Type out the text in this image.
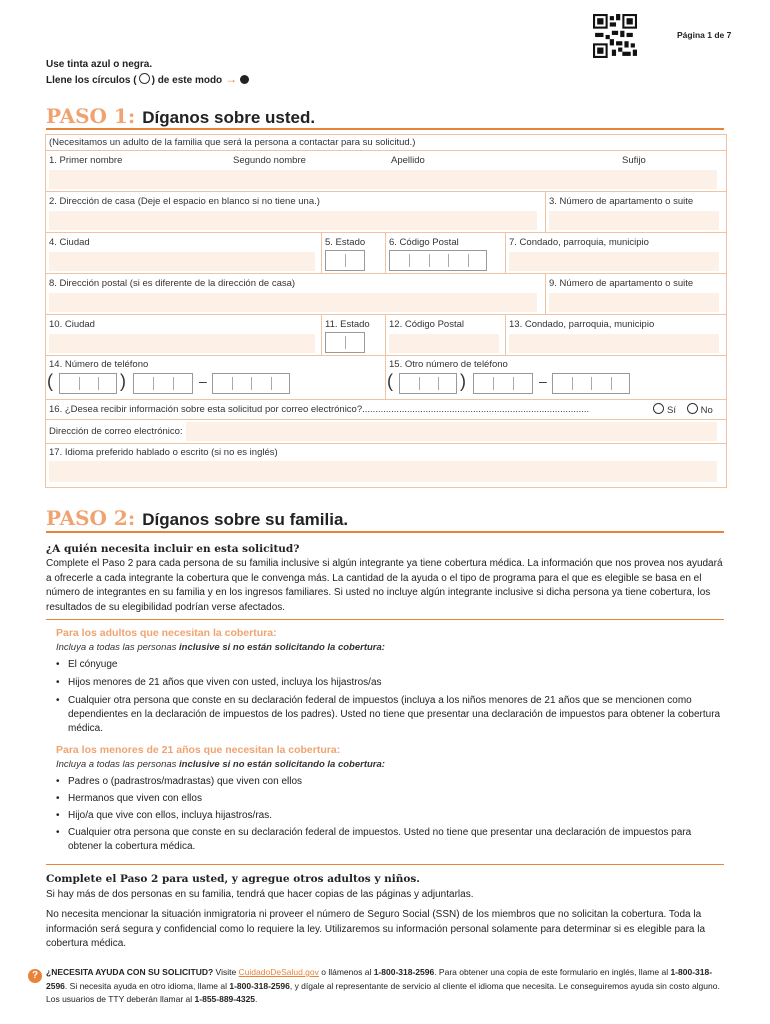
Página 1 de 7
Use tinta azul o negra.
Llene los círculos ( ) de este modo →
PASO 1: Díganos sobre usted.
(Necesitamos un adulto de la familia que será la persona a contactar para su solicitud.)
1. Primer nombre	Segundo nombre	Apellido	Sufijo
2. Dirección de casa (Deje el espacio en blanco si no tiene una.)	3. Número de apartamento o suite
4. Ciudad	5. Estado	6. Código Postal	7. Condado, parroquia, municipio
8. Dirección postal (si es diferente de la dirección de casa)	9. Número de apartamento o suite
10. Ciudad	11. Estado 12. Código Postal	13. Condado, parroquia, municipio
14. Número de teléfono
(	)	–
15. Otro número de teléfono
(	)	–
16. ¿Desea recibir información sobre esta solicitud por correo electrónico?......................................................................................	Sí	No
Dirección de correo electrónico:
17. Idioma preferido hablado o escrito (si no es inglés)
PASO 2: Díganos sobre su familia.
¿A quién necesita incluir en esta solicitud?
Complete el Paso 2 para cada persona de su familia inclusive si algún integrante ya tiene cobertura médica. La información que nos provea nos ayudará a ofrecerle a cada integrante la cobertura que le convenga más. La cantidad de la ayuda o el tipo de programa para el que es elegible se basa en el número de integrantes en su familia y en los ingresos familiares. Si usted no incluye algún integrante inclusive si dicha persona ya tiene cobertura, los resultados de su elegibilidad podrían verse afectados.
Para los adultos que necesitan la cobertura:
Incluya a todas las personas inclusive si no están solicitando la cobertura:
• El cónyuge
• Hijos menores de 21 años que viven con usted, incluya los hijastros/as
• Cualquier otra persona que conste en su declaración federal de impuestos (incluya a los niños menores de 21 años que se mencionen como dependientes en la declaración de impuestos de los padres). Usted no tiene que presentar una declaración de impuestos para obtener la cobertura médica.
Para los menores de 21 años que necesitan la cobertura:
Incluya a todas las personas inclusive si no están solicitando la cobertura:
• Padres o (padrastros/madrastas) que viven con ellos
• Hermanos que viven con ellos
• Hijo/a que vive con ellos, incluya hijastros/ras.
• Cualquier otra persona que conste en su declaración federal de impuestos. Usted no tiene que presentar una declaración de impuestos para obtener la cobertura médica.
Complete el Paso 2 para usted, y agregue otros adultos y niños.
Si hay más de dos personas en su familia, tendrá que hacer copias de las páginas y adjuntarlas.
No necesita mencionar la situación inmigratoria ni proveer el número de Seguro Social (SSN) de los miembros que no solicitan la cobertura. Toda la información será segura y confidencial como lo requiere la ley. Utilizaremos su información personal solamente para determinar si es elegible para la cobertura médica.
? ¿NECESITA AYUDA CON SU SOLICITUD? Visite CuidadoDeSalud.gov o llámenos al 1-800-318-2596. Para obtener una copia de este formulario en inglés, llame al 1-800-318-2596. Si necesita ayuda en otro idioma, llame al 1-800-318-2596, y dígale al representante de servicio al cliente el idioma que necesita. Le conseguiremos ayuda sin costo alguno. Los usuarios de TTY deberán llamar al 1-855-889-4325.
